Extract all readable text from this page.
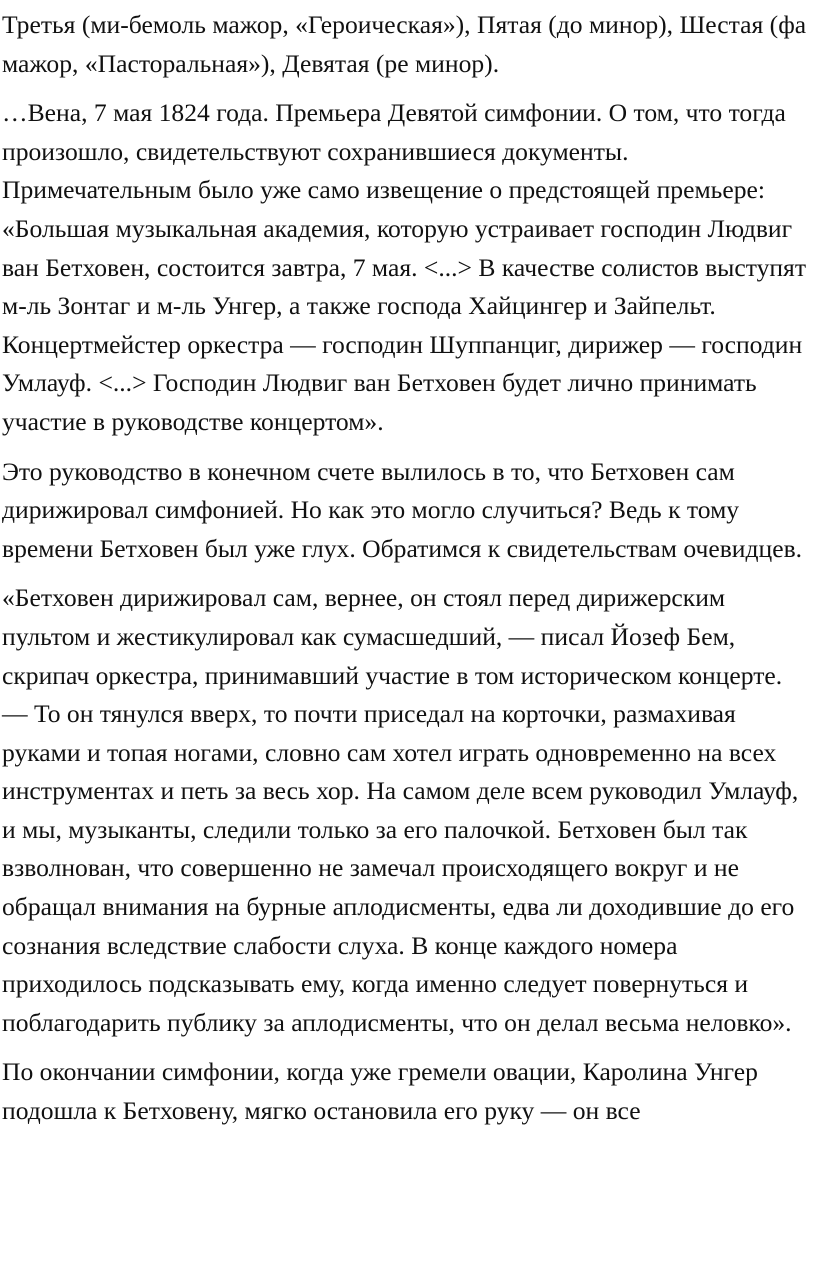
Третья (ми-бемоль мажор, «Героическая»), Пятая (до минор), Шестая (фа мажор, «Пасторальная»), Девятая (ре минор).

…Вена, 7 мая 1824 года. Премьера Девятой симфонии. О том, что тогда произошло, свидетельствуют сохранившиеся документы. Примечательным было уже само извещение о предстоящей премьере: «Большая музыкальная академия, которую устраивает господин Людвиг ван Бетховен, состоится завтра, 7 мая. <...> В качестве солистов выступят м-ль Зонтаг и м-ль Унгер, а также господа Хайцингер и Зайпельт. Концертмейстер оркестра — господин Шуппанциг, дирижер — господин Умлауф. <...> Господин Людвиг ван Бетховен будет лично принимать участие в руководстве концертом».

Это руководство в конечном счете вылилось в то, что Бетховен сам дирижировал симфонией. Но как это могло случиться? Ведь к тому времени Бетховен был уже глух. Обратимся к свидетельствам очевидцев.

«Бетховен дирижировал сам, вернее, он стоял перед дирижерским пультом и жестикулировал как сумасшедший, — писал Йозеф Бем, скрипач оркестра, принимавший участие в том историческом концерте. — То он тянулся вверх, то почти приседал на корточки, размахивая руками и топая ногами, словно сам хотел играть одновременно на всех инструментах и петь за весь хор. На самом деле всем руководил Умлауф, и мы, музыканты, следили только за его палочкой. Бетховен был так взволнован, что совершенно не замечал происходящего вокруг и не обращал внимания на бурные аплодисменты, едва ли доходившие до его сознания вследствие слабости слуха. В конце каждого номера приходилось подсказывать ему, когда именно следует повернуться и поблагодарить публику за аплодисменты, что он делал весьма неловко».

По окончании симфонии, когда уже гремели овации, Каролина Унгер подошла к Бетховену, мягко остановила его руку — он все
